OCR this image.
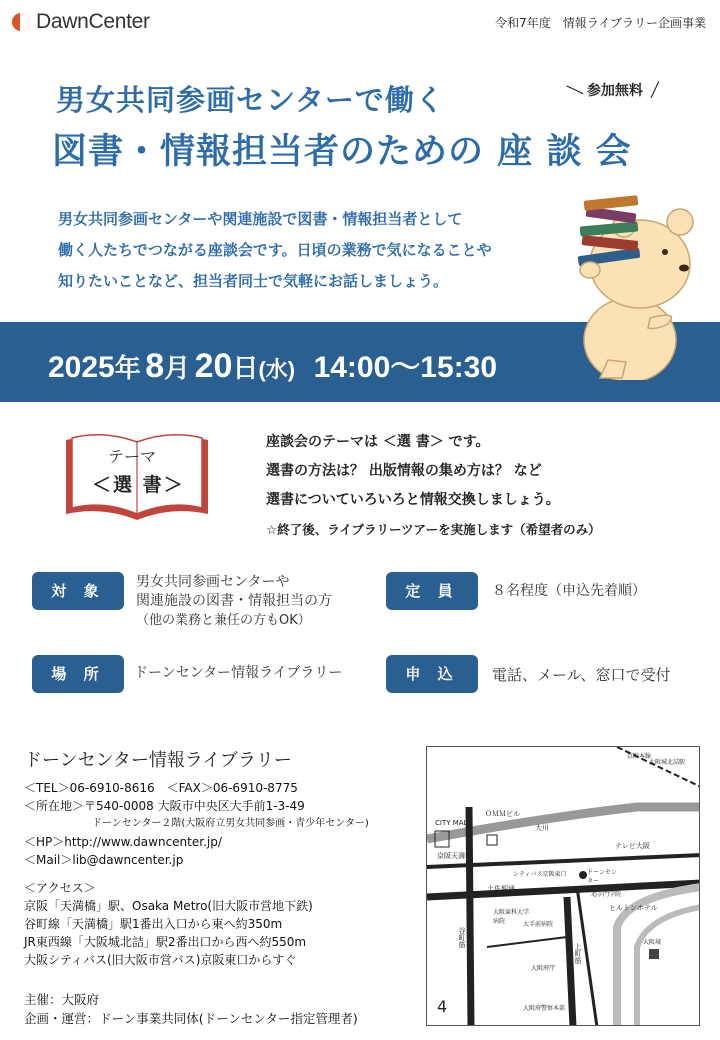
DawnCenter	令和7年度　情報ライブラリー企画事業
男女共同参画センターで働く
図書・情報担当者のための 座 談 会
＼ 参加無料 ／
男女共同参画センターや関連施設で図書・情報担当者として
働く人たちでつながる座談会です。日頃の業務で気になることや
知りたいことなど、担当者同士で気軽にお話しましょう。
2025年 8月 20日(水) 14:00〜15:30
テーマ
＜選 書＞
座談会のテーマは ＜選 書＞ です。
選書の方法は？ 出版情報の集め方は？ など
選書についていろいろと情報交換しましょう。
☆終了後、ライブラリーツアーを実施します（希望者のみ）
対 象	男女共同参画センターや
関連施設の図書・情報担当の方
（他の業務と兼任の方もOK）
定 員	８名程度（申込先着順）
場 所	ドーンセンター情報ライブラリー	申 込	電話、メール、窓口で受付
ドーンセンター情報ライブラリー
＜TEL＞06-6910-8616　＜FAX＞06-6910-8775
＜所在地＞〒540-0008 大阪市中央区大手前1-3-49
ドーンセンター２階(大阪府立男女共同参画・青少年センター)
＜HP＞http://www.dawncenter.jp/
＜Mail＞lib@dawncenter.jp
＜アクセス＞
京阪「天満橋」駅、Osaka Metro(旧大阪市営地下鉄)
谷町線「天満橋」駅1番出入口から東へ約350m
JR東西線「大阪城北詰」駅2番出口から西へ約550m
大阪シティバス(旧大阪市営バス)京阪東口からすぐ
主催：大阪府
企画・運営：ドーン事業共同体(ドーンセンター指定管理者)
CITY MALL
ＯＭＭビル
京阪天満橋
テレビ大阪
大川
シティバス京阪東口
土佐堀通
大阪歯科大学病院
ヒルトンホテル
ドーンセンター
追手門学院
大手前病院
大阪府庁
大阪府警察本部
谷町筋
上町筋
大阪城
大阪城北詰駅
京阪本線
4
